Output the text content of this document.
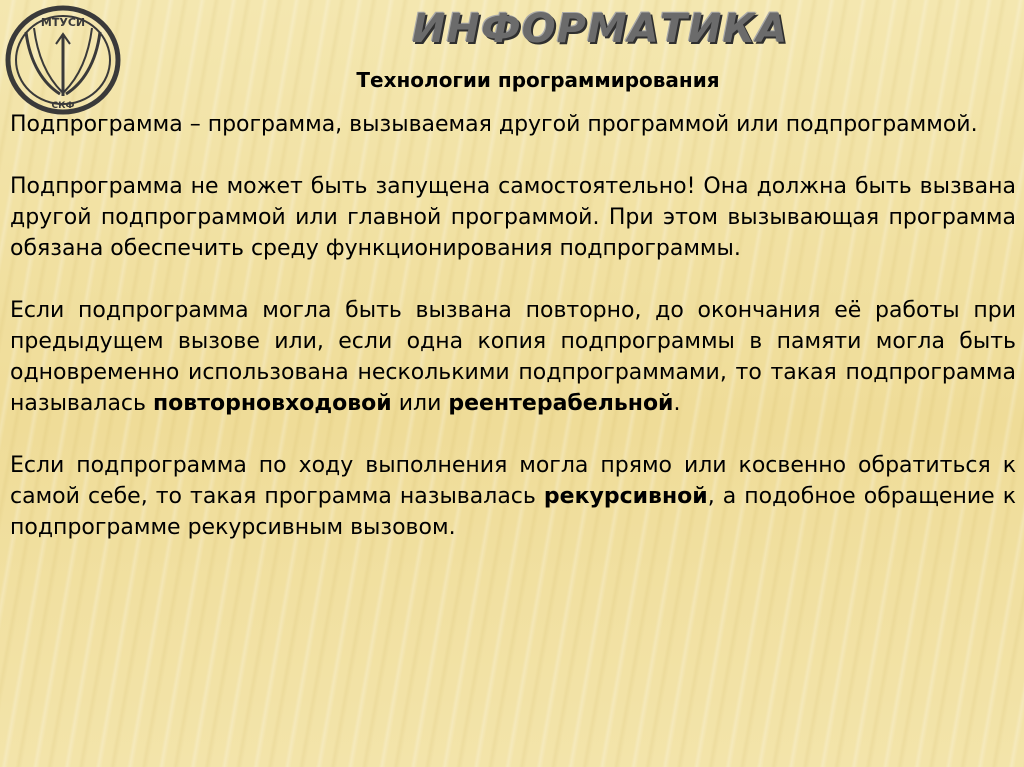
МТУСИ
СКФ
ИНФОРМАТИКА
Технологии программирования

Подпрограмма – программа, вызываемая другой программой или подпрограммой.

Подпрограмма не может быть запущена самостоятельно! Она должна быть вызвана другой подпрограммой или главной программой. При этом вызывающая программа обязана обеспечить среду функционирования подпрограммы.

Если подпрограмма могла быть вызвана повторно, до окончания её работы при предыдущем вызове или, если одна копия подпрограммы в памяти могла быть одновременно использована несколькими подпрограммами, то такая подпрограмма называлась повторновходовой или реентерабельной.

Если подпрограмма по ходу выполнения могла прямо или косвенно обратиться к самой себе, то такая программа называлась рекурсивной, а подобное обращение к подпрограмме рекурсивным вызовом.
